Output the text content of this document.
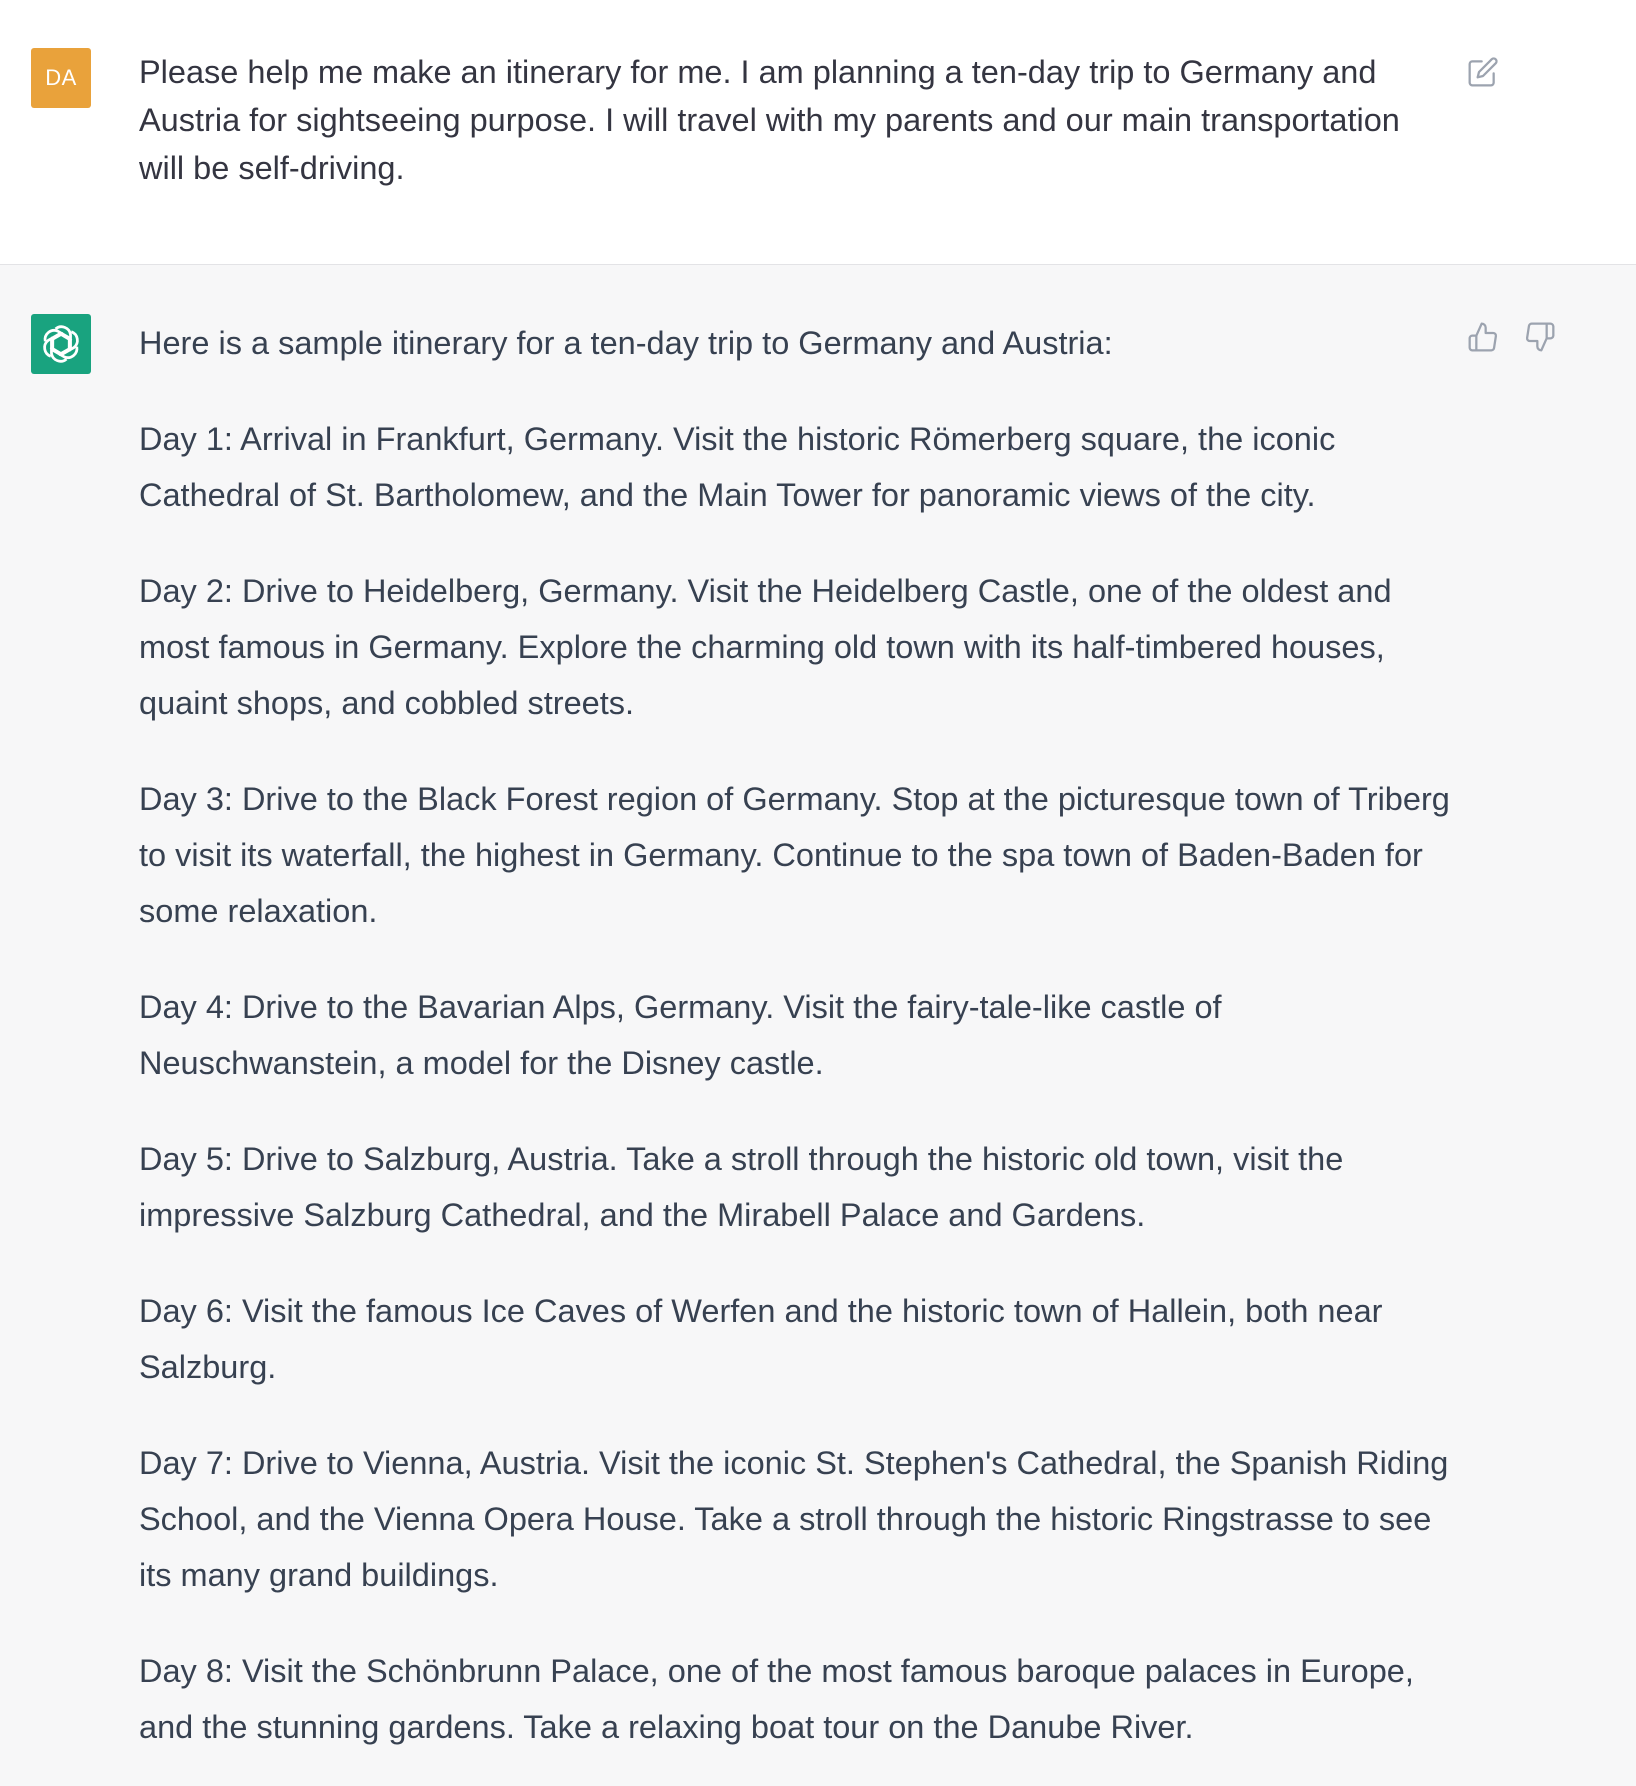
DA Please help me make an itinerary for me. I am planning a ten-day trip to Germany and Austria for sightseeing purpose. I will travel with my parents and our main transportation will be self-driving.

Here is a sample itinerary for a ten-day trip to Germany and Austria:

Day 1: Arrival in Frankfurt, Germany. Visit the historic Römerberg square, the iconic Cathedral of St. Bartholomew, and the Main Tower for panoramic views of the city.

Day 2: Drive to Heidelberg, Germany. Visit the Heidelberg Castle, one of the oldest and most famous in Germany. Explore the charming old town with its half-timbered houses, quaint shops, and cobbled streets.

Day 3: Drive to the Black Forest region of Germany. Stop at the picturesque town of Triberg to visit its waterfall, the highest in Germany. Continue to the spa town of Baden-Baden for some relaxation.

Day 4: Drive to the Bavarian Alps, Germany. Visit the fairy-tale-like castle of Neuschwanstein, a model for the Disney castle.

Day 5: Drive to Salzburg, Austria. Take a stroll through the historic old town, visit the impressive Salzburg Cathedral, and the Mirabell Palace and Gardens.

Day 6: Visit the famous Ice Caves of Werfen and the historic town of Hallein, both near Salzburg.

Day 7: Drive to Vienna, Austria. Visit the iconic St. Stephen's Cathedral, the Spanish Riding School, and the Vienna Opera House. Take a stroll through the historic Ringstrasse to see its many grand buildings.

Day 8: Visit the Schönbrunn Palace, one of the most famous baroque palaces in Europe, and the stunning gardens. Take a relaxing boat tour on the Danube River.
